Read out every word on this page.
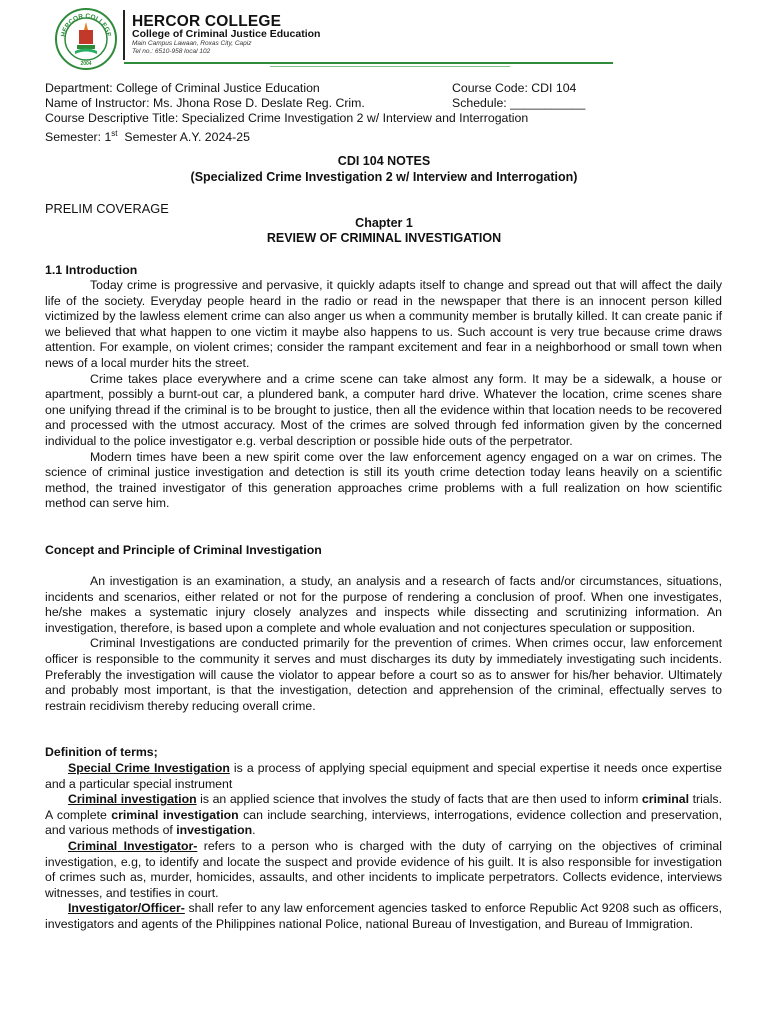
HERCOR COLLEGE
2004
HERCOR COLLEGE
College of Criminal Justice Education
Main Campus Lawaan, Roxas City, Capiz
Tel no.: 6510-958 local 102
Department: College of Criminal Justice Education	Course Code: CDI 104
Name of Instructor: Ms. Jhona Rose D. Deslate Reg. Crim.	Schedule: ___________
Course Descriptive Title: Specialized Crime Investigation 2 w/ Interview and Interrogation
Semester: 1st  Semester A.Y. 2024-25
CDI 104 NOTES
(Specialized Crime Investigation 2 w/ Interview and Interrogation)
PRELIM COVERAGE
Chapter 1
REVIEW OF CRIMINAL INVESTIGATION
1.1 Introduction

Today crime is progressive and pervasive, it quickly adapts itself to change and spread out that will affect the daily life of the society. Everyday people heard in the radio or read in the newspaper that there is an innocent person killed victimized by the lawless element crime can also anger us when a community member is brutally killed. It can create panic if we believed that what happen to one victim it maybe also happens to us. Such account is very true because crime draws attention. For example, on violent crimes; consider the rampant excitement and fear in a neighborhood or small town when news of a local murder hits the street.

Crime takes place everywhere and a crime scene can take almost any form. It may be a sidewalk, a house or apartment, possibly a burnt-out car, a plundered bank, a computer hard drive. Whatever the location, crime scenes share one unifying thread if the criminal is to be brought to justice, then all the evidence within that location needs to be recovered and processed with the utmost accuracy. Most of the crimes are solved through fed information given by the concerned individual to the police investigator e.g. verbal description or possible hide outs of the perpetrator.

Modern times have been a new spirit come over the law enforcement agency engaged on a war on crimes. The science of criminal justice investigation and detection is still its youth crime detection today leans heavily on a scientific method, the trained investigator of this generation approaches crime problems with a full realization on how scientific method can serve him.

Concept and Principle of Criminal Investigation

An investigation is an examination, a study, an analysis and a research of facts and/or circumstances, situations, incidents and scenarios, either related or not for the purpose of rendering a conclusion of proof. When one investigates, he/she makes a systematic injury closely analyzes and inspects while dissecting and scrutinizing information. An investigation, therefore, is based upon a complete and whole evaluation and not conjectures speculation or supposition.

Criminal Investigations are conducted primarily for the prevention of crimes. When crimes occur, law enforcement officer is responsible to the community it serves and must discharges its duty by immediately investigating such incidents. Preferably the investigation will cause the violator to appear before a court so as to answer for his/her behavior. Ultimately and probably most important, is that the investigation, detection and apprehension of the criminal, effectually serves to restrain recidivism thereby reducing overall crime.

Definition of terms;

Special Crime Investigation is a process of applying special equipment and special expertise it needs once expertise and a particular special instrument

Criminal investigation is an applied science that involves the study of facts that are then used to inform criminal trials. A complete criminal investigation can include searching, interviews, interrogations, evidence collection and preservation, and various methods of investigation.

Criminal Investigator- refers to a person who is charged with the duty of carrying on the objectives of criminal investigation, e.g, to identify and locate the suspect and provide evidence of his guilt. It is also responsible for investigation of crimes such as, murder, homicides, assaults, and other incidents to implicate perpetrators. Collects evidence, interviews witnesses, and testifies in court.

Investigator/Officer- shall refer to any law enforcement agencies tasked to enforce Republic Act 9208 such as officers, investigators and agents of the Philippines national Police, national Bureau of Investigation, and Bureau of Immigration.
